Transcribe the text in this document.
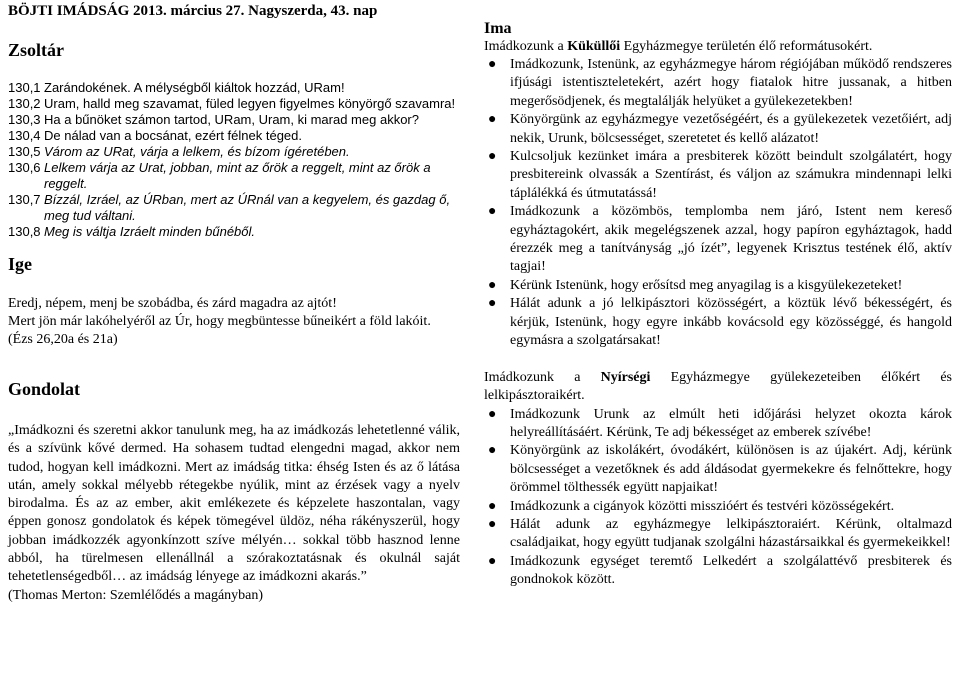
BÖJTI IMÁDSÁG 2013. március 27. Nagyszerda, 43. nap
Zsoltár
130,1 Zarándokének. A mélységből kiáltok hozzád, URam!
130,2 Uram, halld meg szavamat, füled legyen figyelmes könyörgő szavamra!
130,3 Ha a bűnöket számon tartod, URam, Uram, ki marad meg akkor?
130,4 De nálad van a bocsánat, ezért félnek téged.
130,5 Várom az URat, várja a lelkem, és bízom ígéretében.
130,6 Lelkem várja az Urat, jobban, mint az őrök a reggelt, mint az őrök a reggelt.
130,7 Bízzál, Izráel, az ÚRban, mert az ÚRnál van a kegyelem, és gazdag ő, meg tud váltani.
130,8 Meg is váltja Izráelt minden bűnéből.
Ige
Eredj, népem, menj be szobádba, és zárd magadra az ajtót!
Mert jön már lakóhelyéről az Úr, hogy megbüntesse bűneikért a föld lakóit.
(Ézs 26,20a és 21a)
Gondolat
„Imádkozni és szeretni akkor tanulunk meg, ha az imádkozás lehetetlenné válik, és a szívünk kővé dermed. Ha sohasem tudtad elengedni magad, akkor nem tudod, hogyan kell imádkozni. Mert az imádság titka: éhség Isten és az ő látása után, amely sokkal mélyebb rétegekbe nyúlik, mint az érzések vagy a nyelv birodalma. És az az ember, akit emlékezete és képzelete haszontalan, vagy éppen gonosz gondolatok és képek tömegével üldöz, néha rákényszerül, hogy jobban imádkozzék agyonkínzott szíve mélyén… sokkal több hasznod lenne abból, ha türelmesen ellenállnál a szórakoztatásnak és okulnál saját tehetetlenségedből… az imádság lényege az imádkozni akarás.”
(Thomas Merton: Szemlélődés a magányban)
Ima
Imádkozunk a Küküllői Egyházmegye területén élő reformátusokért.
● Imádkozunk, Istenünk, az egyházmegye három régiójában működő rendszeres ifjúsági istentiszteletekért, azért hogy fiatalok hitre jussanak, a hitben megerősödjenek, és megtalálják helyüket a gyülekezetekben!
● Könyörgünk az egyházmegye vezetőségéért, és a gyülekezetek vezetőiért, adj nekik, Urunk, bölcsességet, szeretetet és kellő alázatot!
● Kulcsoljuk kezünket imára a presbiterek között beindult szolgálatért, hogy presbitereink olvassák a Szentírást, és váljon az számukra mindennapi lelki táplálékká és útmutatássá!
● Imádkozunk a közömbös, templomba nem járó, Istent nem kereső egyháztagokért, akik megelégszenek azzal, hogy papíron egyháztagok, hadd érezzék meg a tanítványság „jó ízét”, legyenek Krisztus testének élő, aktív tagjai!
● Kérünk Istenünk, hogy erősítsd meg anyagilag is a kisgyülekezeteket!
● Hálát adunk a jó lelkipásztori közösségért, a köztük lévő békességért, és kérjük, Istenünk, hogy egyre inkább kovácsold egy közösséggé, és hangold egymásra a szolgatársakat!
Imádkozunk a Nyírségi Egyházmegye gyülekezeteiben élőkért és lelkipásztoraikért.
● Imádkozunk Urunk az elmúlt heti időjárási helyzet okozta károk helyreállításáért. Kérünk, Te adj békességet az emberek szívébe!
● Könyörgünk az iskolákért, óvodákért, különösen is az újakért. Adj, kérünk bölcsességet a vezetőknek és add áldásodat gyermekekre és felnőttekre, hogy örömmel tölthessék együtt napjaikat!
● Imádkozunk a cigányok közötti misszióért és testvéri közösségekért.
● Hálát adunk az egyházmegye lelkipásztoraiért. Kérünk, oltalmazd családjaikat, hogy együtt tudjanak szolgálni házastársaikkal és gyermekeikkel!
● Imádkozunk egységet teremtő Lelkedért a szolgálattévő presbiterek és gondnokok között.
